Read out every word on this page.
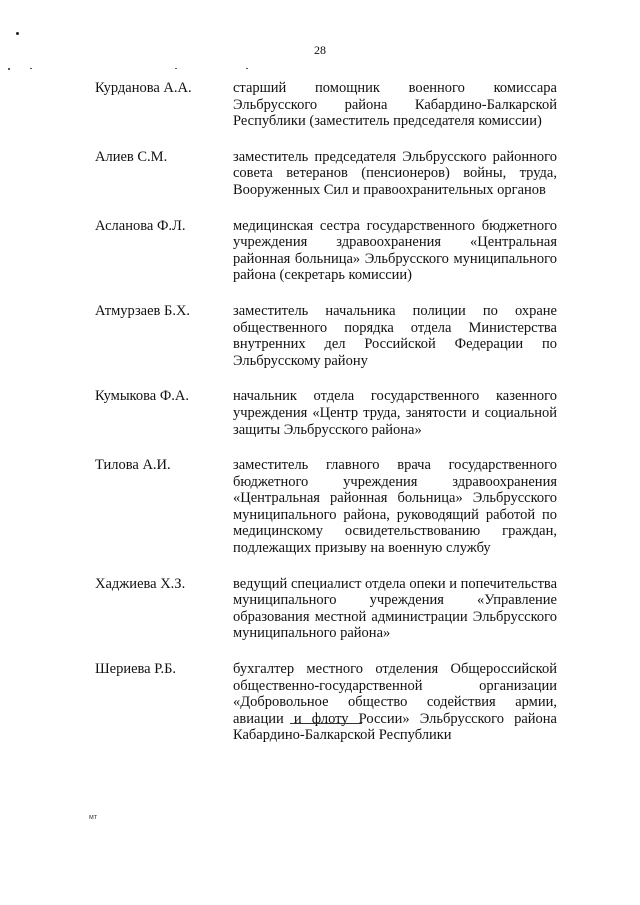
28
Курданова А.А.	старший помощник военного комиссара Эльбрусского района Кабардино-Балкарской Республики (заместитель председателя комиссии)
Алиев С.М.	заместитель председателя Эльбрусского районного совета ветеранов (пенсионеров) войны, труда, Вооруженных Сил и правоохранительных органов
Асланова Ф.Л.	медицинская сестра государственного бюджетного учреждения здравоохранения «Центральная районная больница» Эльбрусского муниципального района (секретарь комиссии)
Атмурзаев Б.Х.	заместитель начальника полиции по охране общественного порядка отдела Министерства внутренних дел Российской Федерации по Эльбрусскому району
Кумыкова Ф.А.	начальник отдела государственного казенного учреждения «Центр труда, занятости и социальной защиты Эльбрусского района»
Тилова А.И.	заместитель главного врача государственного бюджетного учреждения здравоохранения «Центральная районная больница» Эльбрусского муниципального района, руководящий работой по медицинскому освидетельствованию граждан, подлежащих призыву на военную службу
Хаджиева Х.З.	ведущий специалист отдела опеки и попечительства муниципального учреждения «Управление образования местной администрации Эльбрусского муниципального района»
Шериева Р.Б.	бухгалтер местного отделения Общероссийской общественно-государственной организации «Добровольное общество содействия армии, авиации и флоту России» Эльбрусского района Кабардино-Балкарской Республики
мт
